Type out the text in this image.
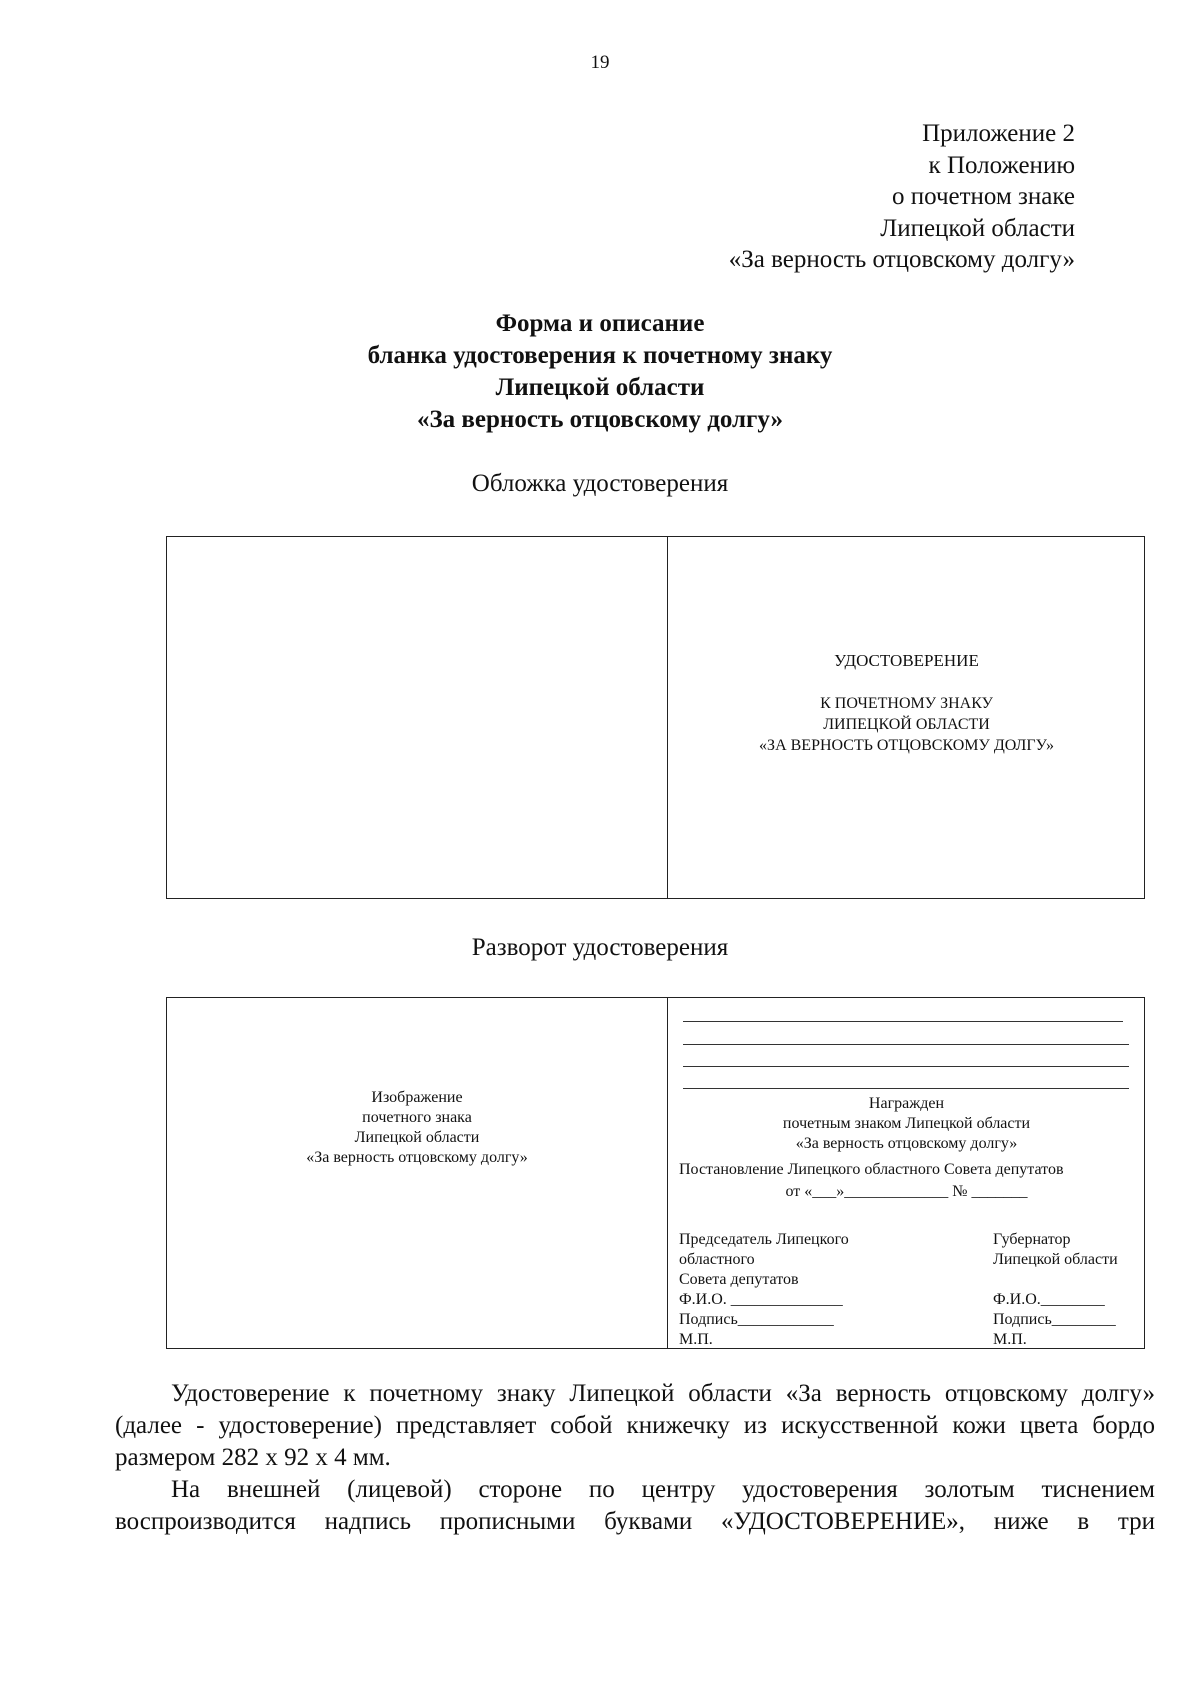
19
Приложение 2
к Положению
о почетном знаке
Липецкой области
«За верность отцовскому долгу»
Форма и описание
бланка удостоверения к почетному знаку
Липецкой области
«За верность отцовскому долгу»
Обложка удостоверения
УДОСТОВЕРЕНИЕ
К ПОЧЕТНОМУ ЗНАКУ
ЛИПЕЦКОЙ ОБЛАСТИ
«ЗА ВЕРНОСТЬ ОТЦОВСКОМУ ДОЛГУ»
Разворот удостоверения
Изображение
почетного знака
Липецкой области
«За верность отцовскому долгу»
Награжден
почетным знаком Липецкой области
«За верность отцовскому долгу»
Постановление Липецкого областного Совета депутатов
от «___»_____________ № _______
Председатель Липецкого
областного
Совета депутатов
Ф.И.О. ______________
Подпись____________
М.П.
Губернатор
Липецкой области
Ф.И.О.________
Подпись________
М.П.

Удостоверение к почетному знаку Липецкой области «За верность отцовскому долгу» (далее - удостоверение) представляет собой книжечку из искусственной кожи цвета бордо размером 282 х 92 х 4 мм.

На внешней (лицевой) стороне по центру удостоверения золотым тиснением воспроизводится надпись прописными буквами «УДОСТОВЕРЕНИЕ», ниже в три
